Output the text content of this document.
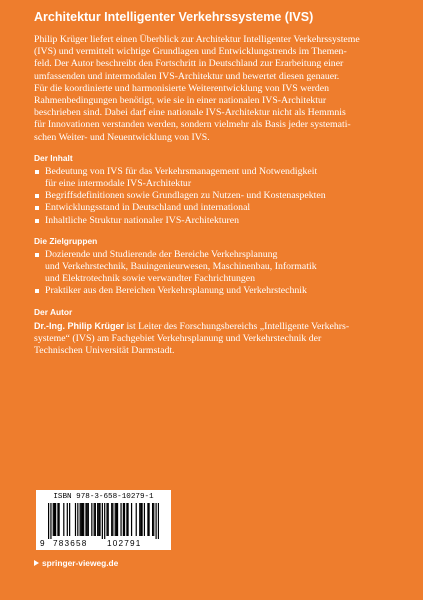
Architektur Intelligenter Verkehrssysteme (IVS)

Philip Krüger liefert einen Überblick zur Architektur Intelligenter Verkehrssysteme
(IVS) und vermittelt wichtige Grundlagen und Entwicklungstrends im Themen-
feld. Der Autor beschreibt den Fortschritt in Deutschland zur Erarbeitung einer
umfassenden und intermodalen IVS-Architektur und bewertet diesen genauer.
Für die koordinierte und harmonisierte Weiterentwicklung von IVS werden
Rahmenbedingungen benötigt, wie sie in einer nationalen IVS-Architektur
beschrieben sind. Dabei darf eine nationale IVS-Architektur nicht als Hemmnis
für Innovationen verstanden werden, sondern vielmehr als Basis jeder systemati-
schen Weiter- und Neuentwicklung von IVS.

Der Inhalt
Bedeutung von IVS für das Verkehrsmanagement und Notwendigkeit
für eine intermodale IVS-Architektur
Begriffsdefinitionen sowie Grundlagen zu Nutzen- und Kostenaspekten
Entwicklungsstand in Deutschland und international
Inhaltliche Struktur nationaler IVS-Architekturen
Die Zielgruppen
Dozierende und Studierende der Bereiche Verkehrsplanung
und Verkehrstechnik, Bauingenieurwesen, Maschinenbau, Informatik
und Elektrotechnik sowie verwandter Fachrichtungen
Praktiker aus den Bereichen Verkehrsplanung und Verkehrstechnik
Der Autor

Dr.-Ing. Philip Krüger ist Leiter des Forschungsbereichs „Intelligente Verkehrs-
systeme“ (IVS) am Fachgebiet Verkehrsplanung und Verkehrstechnik der
Technischen Universität Darmstadt.

ISBN 978-3-658-10279-1
9 783658 102791
springer-vieweg.de
